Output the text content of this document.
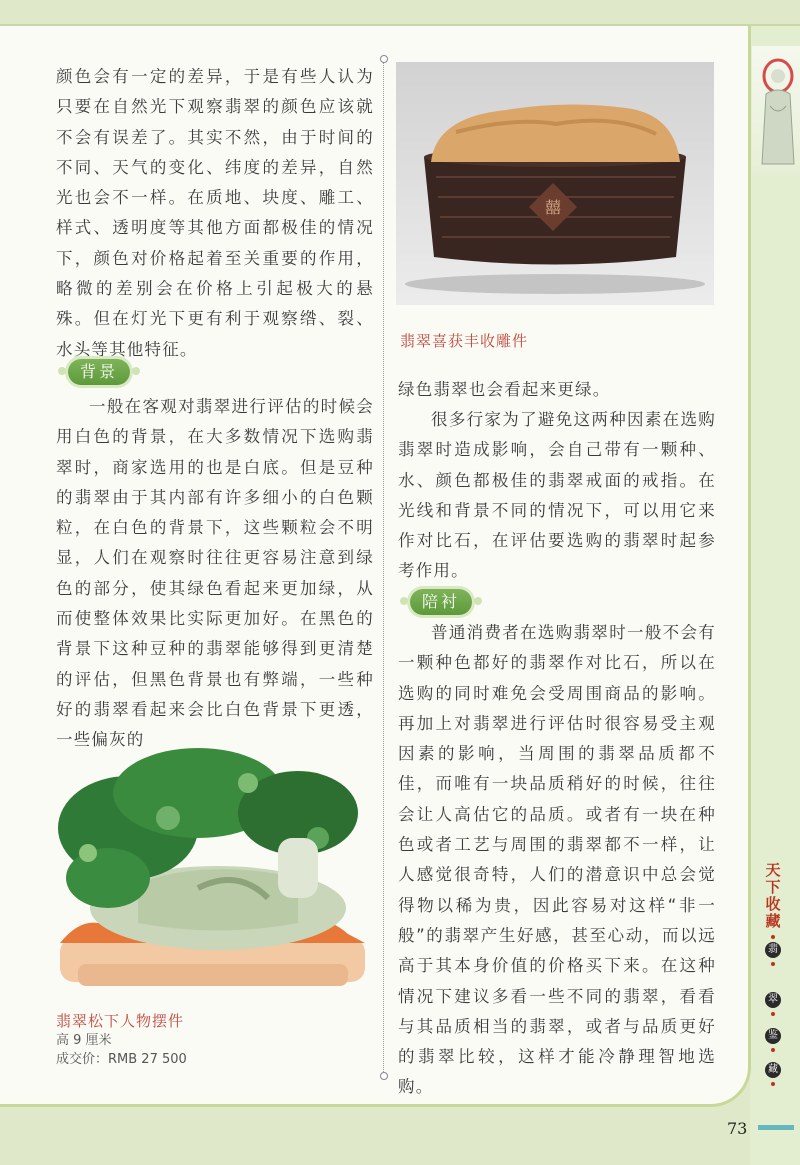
颜色会有一定的差异，于是有些人认为只要在自然光下观察翡翠的颜色应该就不会有误差了。其实不然，由于时间的不同、天气的变化、纬度的差异，自然光也会不一样。在质地、块度、雕工、样式、透明度等其他方面都极佳的情况下，颜色对价格起着至关重要的作用，略微的差别会在价格上引起极大的悬殊。但在灯光下更有利于观察绺、裂、水头等其他特征。

背景

一般在客观对翡翠进行评估的时候会用白色的背景，在大多数情况下选购翡翠时，商家选用的也是白底。但是豆种的翡翠由于其内部有许多细小的白色颗粒，在白色的背景下，这些颗粒会不明显，人们在观察时往往更容易注意到绿色的部分，使其绿色看起来更加绿，从而使整体效果比实际更加好。在黑色的背景下这种豆种的翡翠能够得到更清楚的评估，但黑色背景也有弊端，一些种好的翡翠看起来会比白色背景下更透，一些偏灰的

翡翠松下人物摆件
高 9 厘米
成交价：RMB 27 500
囍
翡翠喜获丰收雕件

绿色翡翠也会看起来更绿。

很多行家为了避免这两种因素在选购翡翠时造成影响，会自己带有一颗种、水、颜色都极佳的翡翠戒面的戒指。在光线和背景不同的情况下，可以用它来作对比石，在评估要选购的翡翠时起参考作用。

陪衬

普通消费者在选购翡翠时一般不会有一颗种色都好的翡翠作对比石，所以在选购的同时难免会受周围商品的影响。再加上对翡翠进行评估时很容易受主观因素的影响，当周围的翡翠品质都不佳，而唯有一块品质稍好的时候，往往会让人高估它的品质。或者有一块在种色或者工艺与周围的翡翠都不一样，让人感觉很奇特，人们的潜意识中总会觉得物以稀为贵，因此容易对这样“非一般”的翡翠产生好感，甚至心动，而以远高于其本身价值的价格买下来。在这种情况下建议多看一些不同的翡翠，看看与其品质相当的翡翠，或者与品质更好的翡翠比较，这样才能冷静理智地选购。

天下收藏
翡
翠
鉴
藏
73
